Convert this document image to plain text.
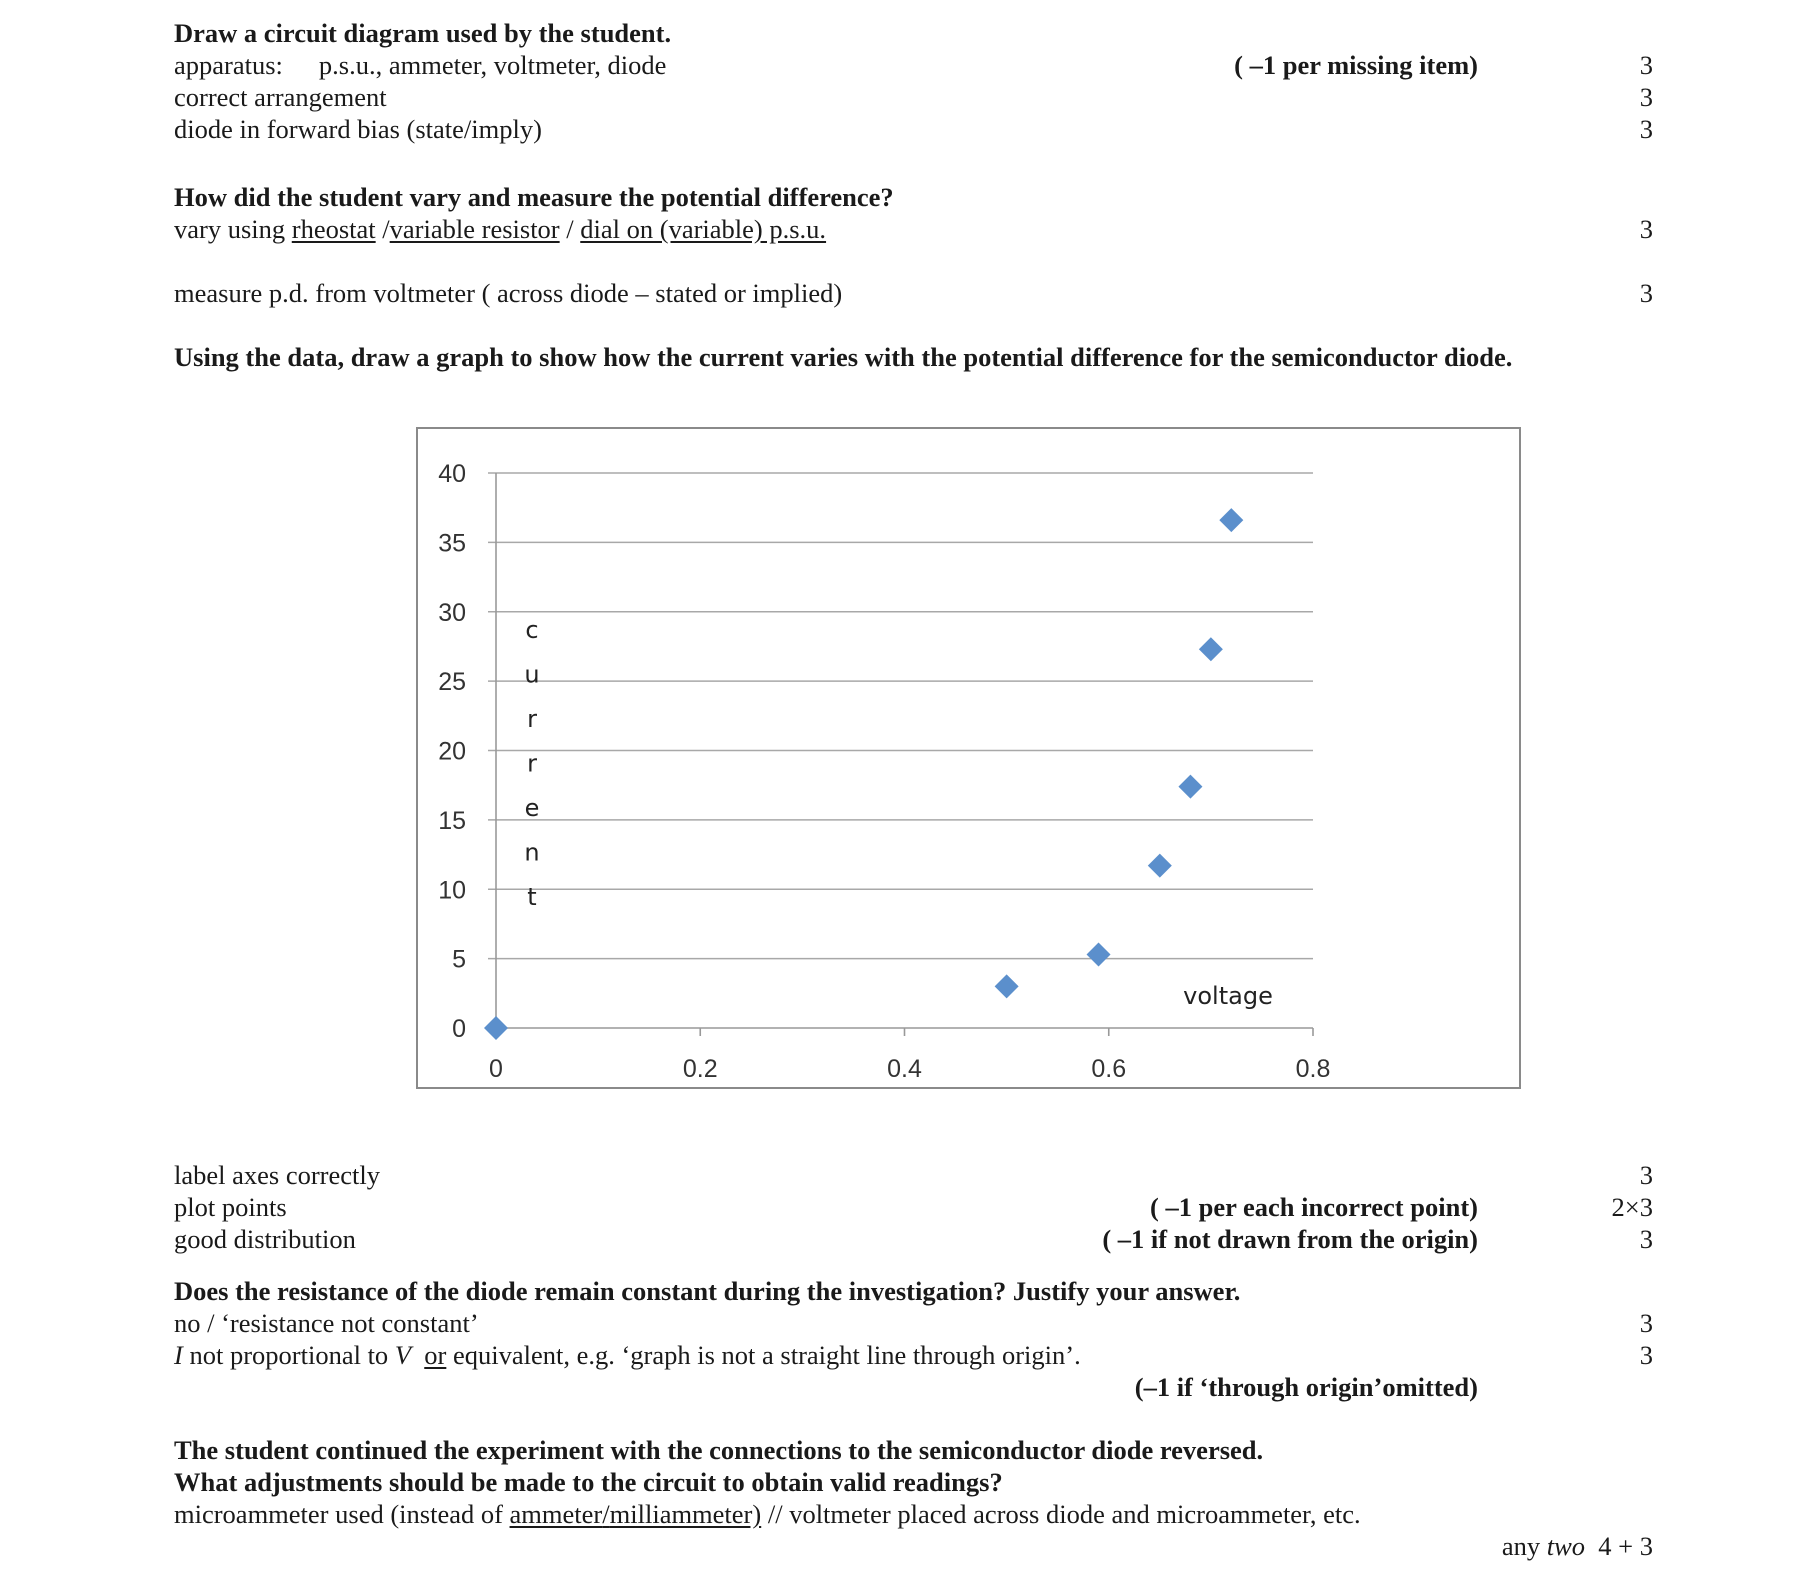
Draw a circuit diagram used by the student.
apparatus: p.s.u., ammeter, voltmeter, diode	( –1 per missing item)	3
correct arrangement	3
diode in forward bias (state/imply)	3
How did the student vary and measure the potential difference?
vary using rheostat /variable resistor / dial on (variable) p.s.u.	3
measure p.d. from voltmeter ( across diode – stated or implied)	3
Using the data, draw a graph to show how the current varies with the potential difference for the semiconductor diode.
0
5
10
15
20
25
30
35
40
0	0.2	0.4	0.6	0.8
c
u
r
r
e
n
t
voltage
label axes correctly	3
plot points	( –1 per each incorrect point)	2×3
good distribution	( –1 if not drawn from the origin)	3
Does the resistance of the diode remain constant during the investigation? Justify your answer.
no / ‘resistance not constant’	3
I not proportional to V or equivalent, e.g. ‘graph is not a straight line through origin’.	3
(–1 if ‘through origin’omitted)
The student continued the experiment with the connections to the semiconductor diode reversed.
What adjustments should be made to the circuit to obtain valid readings?
microammeter used (instead of ammeter/milliammeter) // voltmeter placed across diode and microammeter, etc.
any two  4 + 3
